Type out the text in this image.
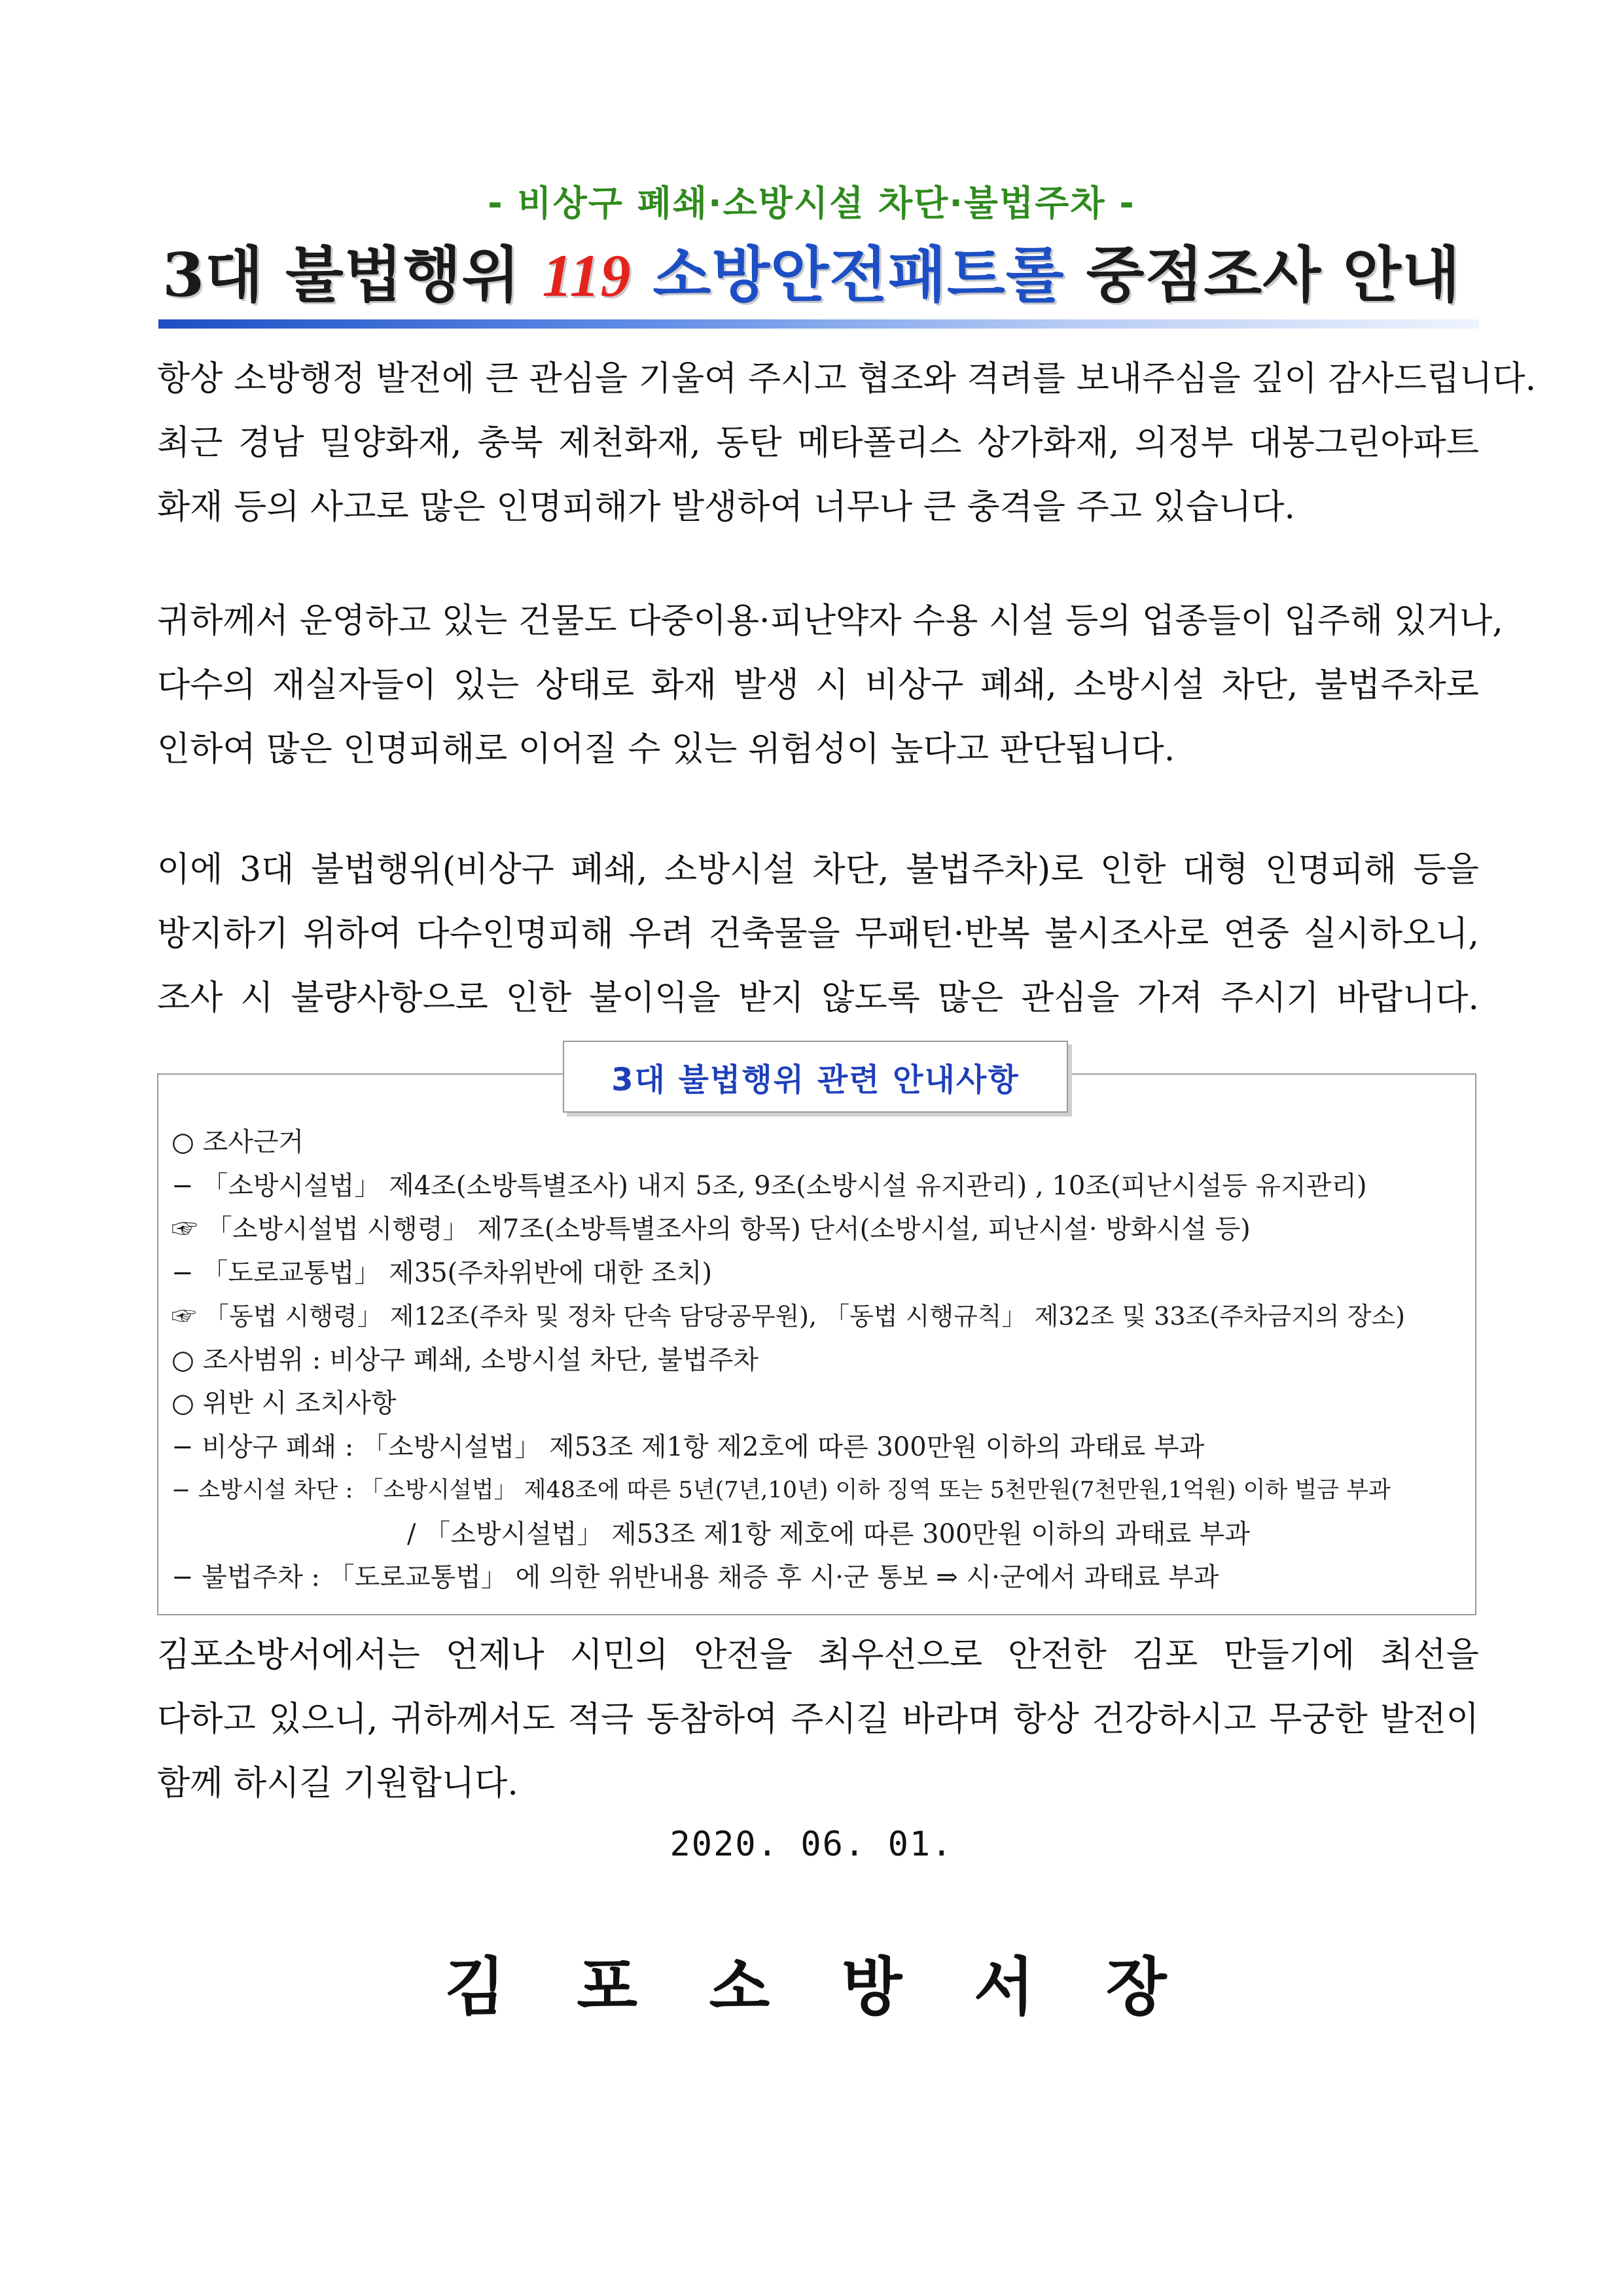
- 비상구 폐쇄·소방시설 차단·불법주차 -
3대 불법행위 119 소방안전패트롤 중점조사 안내

항상 소방행정 발전에 큰 관심을 기울여 주시고 협조와 격려를 보내주심을 깊이 감사드립니다.
최근 경남 밀양화재, 충북 제천화재, 동탄 메타폴리스 상가화재, 의정부 대봉그린아파트
화재 등의 사고로 많은 인명피해가 발생하여 너무나 큰 충격을 주고 있습니다.

귀하께서 운영하고 있는 건물도 다중이용·피난약자 수용 시설 등의 업종들이 입주해 있거나,
다수의 재실자들이 있는 상태로 화재 발생 시 비상구 폐쇄, 소방시설 차단, 불법주차로
인하여 많은 인명피해로 이어질 수 있는 위험성이 높다고 판단됩니다.

이에 3대 불법행위(비상구 폐쇄, 소방시설 차단, 불법주차)로 인한 대형 인명피해 등을
방지하기 위하여 다수인명피해 우려 건축물을 무패턴·반복 불시조사로 연중 실시하오니,
조사 시 불량사항으로 인한 불이익을 받지 않도록 많은 관심을 가져 주시기 바랍니다.

3대 불법행위 관련 안내사항
○ 조사근거
− 「소방시설법」 제4조(소방특별조사) 내지 5조, 9조(소방시설 유지관리) , 10조(피난시설등 유지관리)
☞ 「소방시설법 시행령」 제7조(소방특별조사의 항목) 단서(소방시설, 피난시설· 방화시설 등)
− 「도로교통법」 제35(주차위반에 대한 조치)
☞ 「동법 시행령」 제12조(주차 및 정차 단속 담당공무원), 「동법 시행규칙」 제32조 및 33조(주차금지의 장소)
○ 조사범위 : 비상구 폐쇄, 소방시설 차단, 불법주차
○ 위반 시 조치사항
− 비상구 폐쇄 : 「소방시설법」 제53조 제1항 제2호에 따른 300만원 이하의 과태료 부과
− 소방시설 차단 : 「소방시설법」 제48조에 따른 5년(7년,10년) 이하 징역 또는 5천만원(7천만원,1억원) 이하 벌금 부과
/ 「소방시설법」 제53조 제1항 제호에 따른 300만원 이하의 과태료 부과
− 불법주차 : 「도로교통법」 에 의한 위반내용 채증 후 시·군 통보 ⇒ 시·군에서 과태료 부과

김포소방서에서는 언제나 시민의 안전을 최우선으로 안전한 김포 만들기에 최선을
다하고 있으니, 귀하께서도 적극 동참하여 주시길 바라며 항상 건강하시고 무궁한 발전이
함께 하시길 기원합니다.

2020. 06. 01.
김 포 소 방 서 장
